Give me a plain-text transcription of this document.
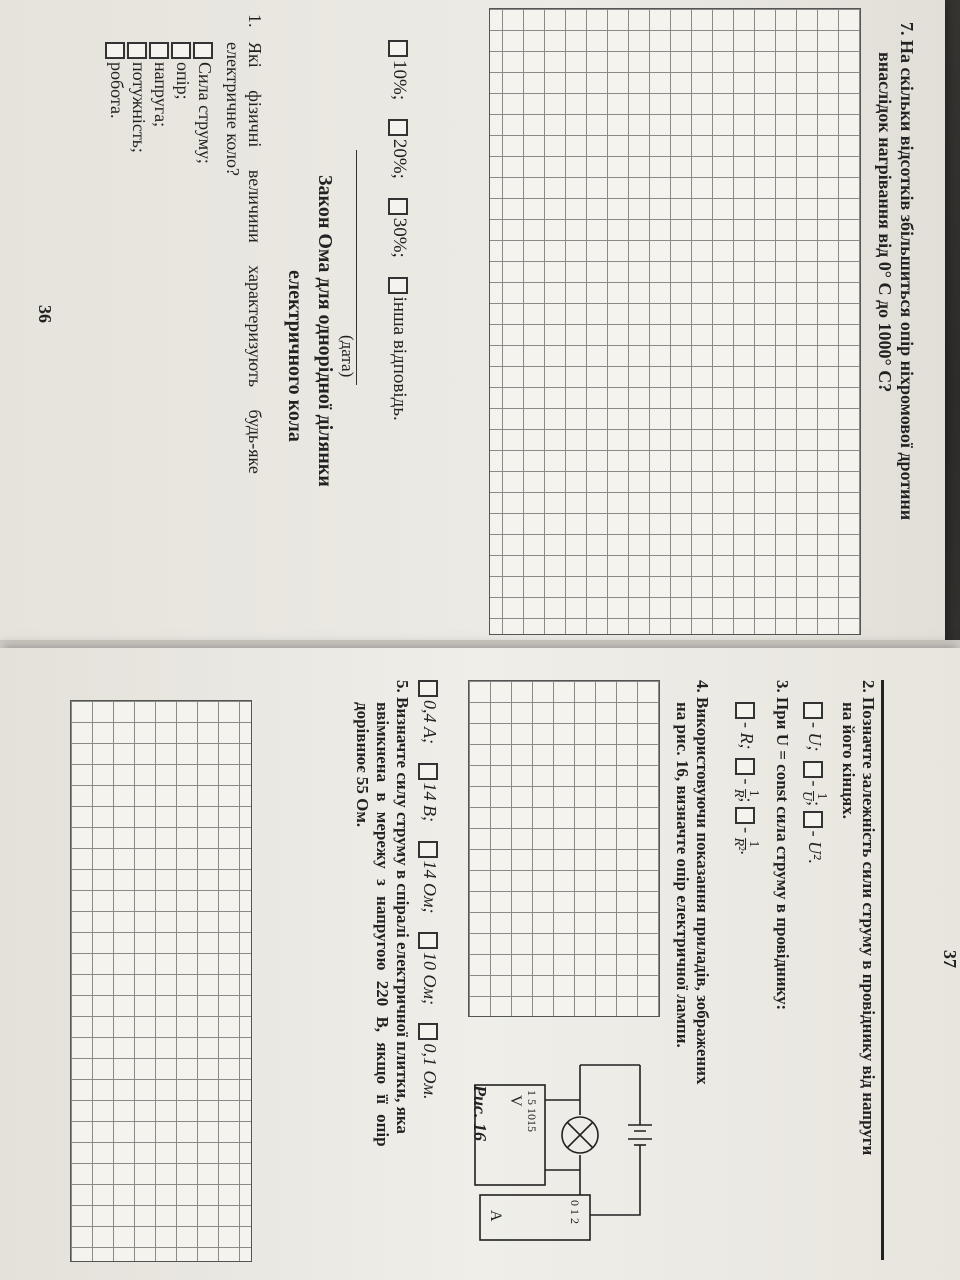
7. На скільки відсотків збільшиться опір ніхромової дротини
внаслідок нагрівання від 0° C до 1000° C?
10%; 20%; 30%; інша відповідь.
(дата)
Закон Ома для однорідної ділянки
електричного кола
1.
Які фізичні величини характеризують будь-яке
електричне коло?
Сила струму;
опір;
напруга;
потужність;
робота.
36
2. Позначте залежність сили струму в провіднику від напруги
на його кінцях.
- U;  -
1
U
; - U².
3. При U = const сила струму в провіднику:
- R;  -
1
R
; -
1
R²
.
4. Використовуючи показання приладів, зображених
на рис. 16, визначте опір електричної лампи.
Рис. 16 V
1 5 1015
A
0 1 2
0,4 А; 14 В; 14 Ом; 10 Ом; 0,1 Ом.
5. Визначте силу струму в спіралі електричної плитки, яка
ввімкнена в мережу з напругою 220 В, якщо її опір
дорівнює 55 Ом.
37
